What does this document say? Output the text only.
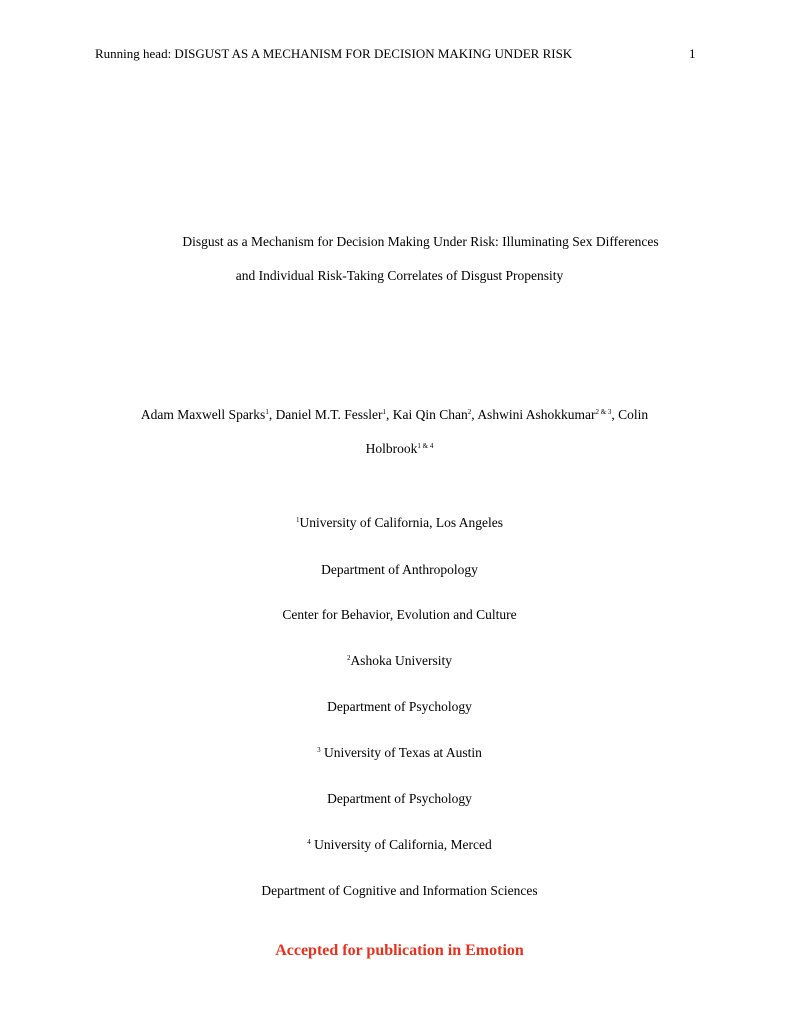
Running head: DISGUST AS A MECHANISM FOR DECISION MAKING UNDER RISK	1
Disgust as a Mechanism for Decision Making Under Risk: Illuminating Sex Differences
and Individual Risk-Taking Correlates of Disgust Propensity
Adam Maxwell Sparks$^1$, Daniel M.T. Fessler$^1$, Kai Qin Chan$^2$, Ashwini Ashokkumar$^{2 \& 3}$, Colin
Holbrook$^{1 \& 4}$
$^1$University of California, Los Angeles
Department of Anthropology
Center for Behavior, Evolution and Culture
$^2$Ashoka University
Department of Psychology
$^3$ University of Texas at Austin
Department of Psychology
$^4$ University of California, Merced
Department of Cognitive and Information Sciences
Accepted for publication in Emotion
